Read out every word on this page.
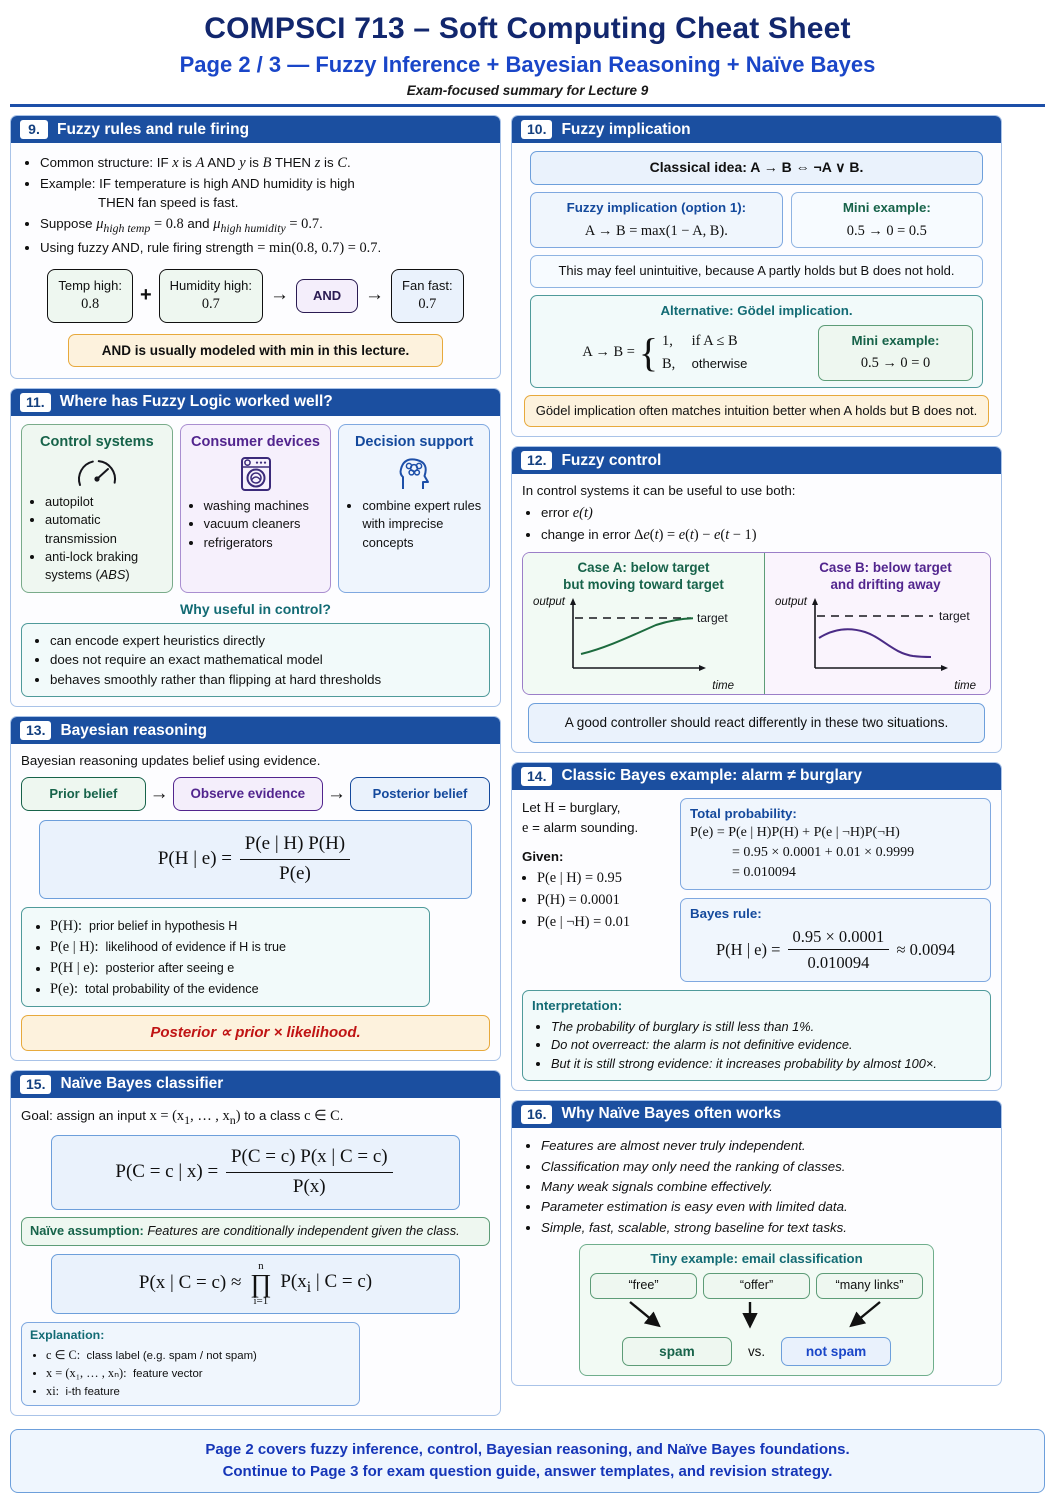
COMPSCI 713 – Soft Computing Cheat Sheet
Page 2 / 3 — Fuzzy Inference + Bayesian Reasoning + Naïve Bayes
Exam-focused summary for Lecture 9
9.	Fuzzy rules and rule firing
• Common structure: IF x is A AND y is B THEN z is C.
• Example: IF temperature is high AND humidity is high
THEN fan speed is fast.
• Suppose $\mu_{high temp} = 0.8$ and $\mu_{high humidity} = 0.7$.
• Using fuzzy AND, rule firing strength = min(0.8, 0.7) = 0.7.
Temp high:
0.8	+ Humidity high:
0.7	→	AND	→ Fan fast:
0.7
AND is usually modeled with min in this lecture.
11. Where has Fuzzy Logic worked well?
Control systems
• autopilot
• automatic transmission
• anti-lock braking systems (ABS)
Consumer devices
• washing machines
• vacuum cleaners
• refrigerators
Decision support
• combine expert rules with imprecise concepts
Why useful in control?
• can encode expert heuristics directly
• does not require an exact mathematical model
• behaves smoothly rather than flipping at hard thresholds
13. Bayesian reasoning
Bayesian reasoning updates belief using evidence.
Prior belief	→	Observe evidence	→	Posterior belief
P(H | $e) = \frac{P(e | H) P(H)}{P(e)}$
• P(H): prior belief in hypothesis H
• P(e | H): likelihood of evidence if H is true
• P(H | e): posterior after seeing e
• P(e): total probability of the evidence
Posterior ∝ prior × likelihood.
15. Naïve Bayes classifier
Goal: assign an input $x = (x_1$, … , $x_n$) to a class c ∈ C.
P(C = c | $x) = \frac{P(C = c) P(x | C = c)}{P(x)}$
Naïve assumption: Features are conditionally independent given the class.
P(x | C = c) ≈
n
∏
i=1
$P(x_i$ | C = c)
Explanation:
• c ∈ C: class label (e.g. spam / not spam)
• x = (x₁, … , xₙ): feature vector
• xi: i-th feature
10. Fuzzy implication
Classical idea: A → B ⇔ ¬A ∨ B.
Fuzzy implication (option 1):
A → B = max(1 − A, B).
Mini example:
0.5 → 0 = 0.5
This may feel unintuitive, because A partly holds but B does not hold.
Alternative: Gödel implication.
A → B = { 1, if A ≤ B
B, otherwise
Mini example:
0.5 → 0 = 0
Gödel implication often matches intuition better when A holds but B does not.
12. Fuzzy control
In control systems it can be useful to use both:
• error e(t)
• change in error Δe(t) = e(t) − e(t − 1)
Case A: below target
but moving toward target
output
target
time
Case B: below target
and drifting away
output
target
time
A good controller should react differently in these two situations.
14. Classic Bayes example: alarm ≠ burglary
Let H = burglary,
e = alarm sounding.
Given:
• P(e | H) = 0.95
• P(H) = 0.0001
• P(e | ¬H) = 0.01
Total probability:
P(e) = P(e | H)P(H) + P(e | ¬H)P(¬H)
= 0.95 × 0.0001 + 0.01 × 0.9999
= 0.010094
Bayes rule:
P(H | $e) = \frac{0.95 \times 0.0001}{0.010094} \approx 0.0094$
Interpretation:
• The probability of burglary is still less than 1%.
• Do not overreact: the alarm is not definitive evidence.
• But it is still strong evidence: it increases probability by almost 100×.
16. Why Naïve Bayes often works
• Features are almost never truly independent.
• Classification may only need the ranking of classes.
• Many weak signals combine effectively.
• Parameter estimation is easy even with limited data.
• Simple, fast, scalable, strong baseline for text tasks.
Tiny example: email classification
“free”	“offer”	“many links”
spam	vs.	not spam
Page 2 covers fuzzy inference, control, Bayesian reasoning, and Naïve Bayes foundations.
Continue to Page 3 for exam question guide, answer templates, and revision strategy.
